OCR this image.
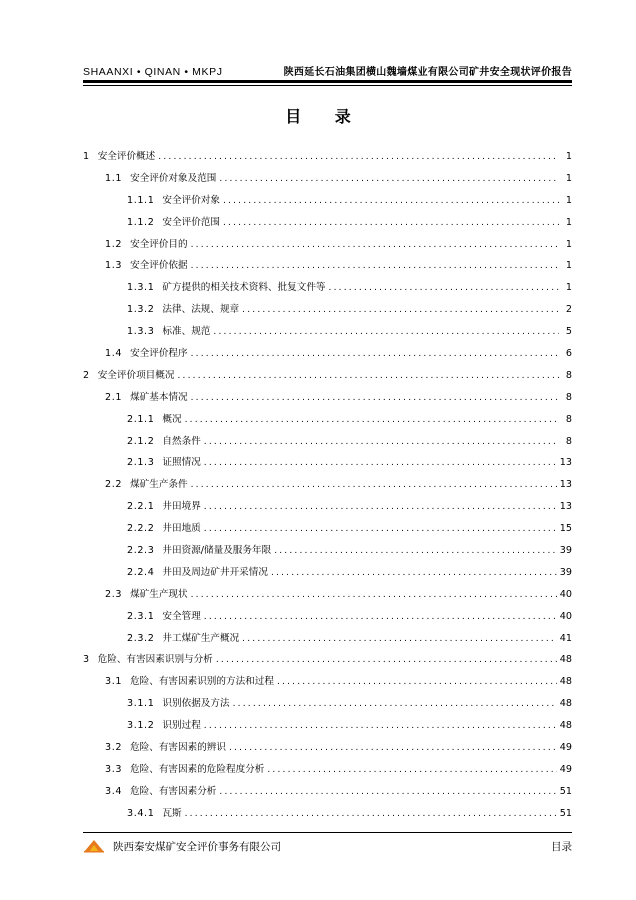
SHAANXI • QINAN • MKPJ	陕西延长石油集团横山魏墙煤业有限公司矿井安全现状评价报告
目 录
1 安全评价概述 .....	1
1.1 安全评价对象及范围 .....	1
1.1.1 安全评价对象 .....	1
1.1.2 安全评价范围 .....	1
1.2 安全评价目的 .....	1
1.3 安全评价依据 .....	1
1.3.1 矿方提供的相关技术资料、批复文件等 .....	1
1.3.2 法律、法规、规章 .....	2
1.3.3 标准、规范 .....	5
1.4 安全评价程序 .....	6
2 安全评价项目概况 .....	8
2.1 煤矿基本情况 .....	8
2.1.1 概况 .....	8
2.1.2 自然条件 .....	8
2.1.3 证照情况 .....	13
2.2 煤矿生产条件 .....	13
2.2.1 井田境界 .....	13
2.2.2 井田地质 .....	15
2.2.3 井田资源/储量及服务年限 .....	39
2.2.4 井田及周边矿井开采情况 .....	39
2.3 煤矿生产现状 .....	40
2.3.1 安全管理 .....	40
2.3.2 井工煤矿生产概况 .....	41
3 危险、有害因素识别与分析 .....	48
3.1 危险、有害因素识别的方法和过程 .....	48
3.1.1 识别依据及方法 .....	48
3.1.2 识别过程 .....	48
3.2 危险、有害因素的辨识 .....	49
3.3 危险、有害因素的危险程度分析 .....	49
3.4 危险、有害因素分析 .....	51
3.4.1 瓦斯 .....	51
陕西秦安煤矿安全评价事务有限公司	目录
